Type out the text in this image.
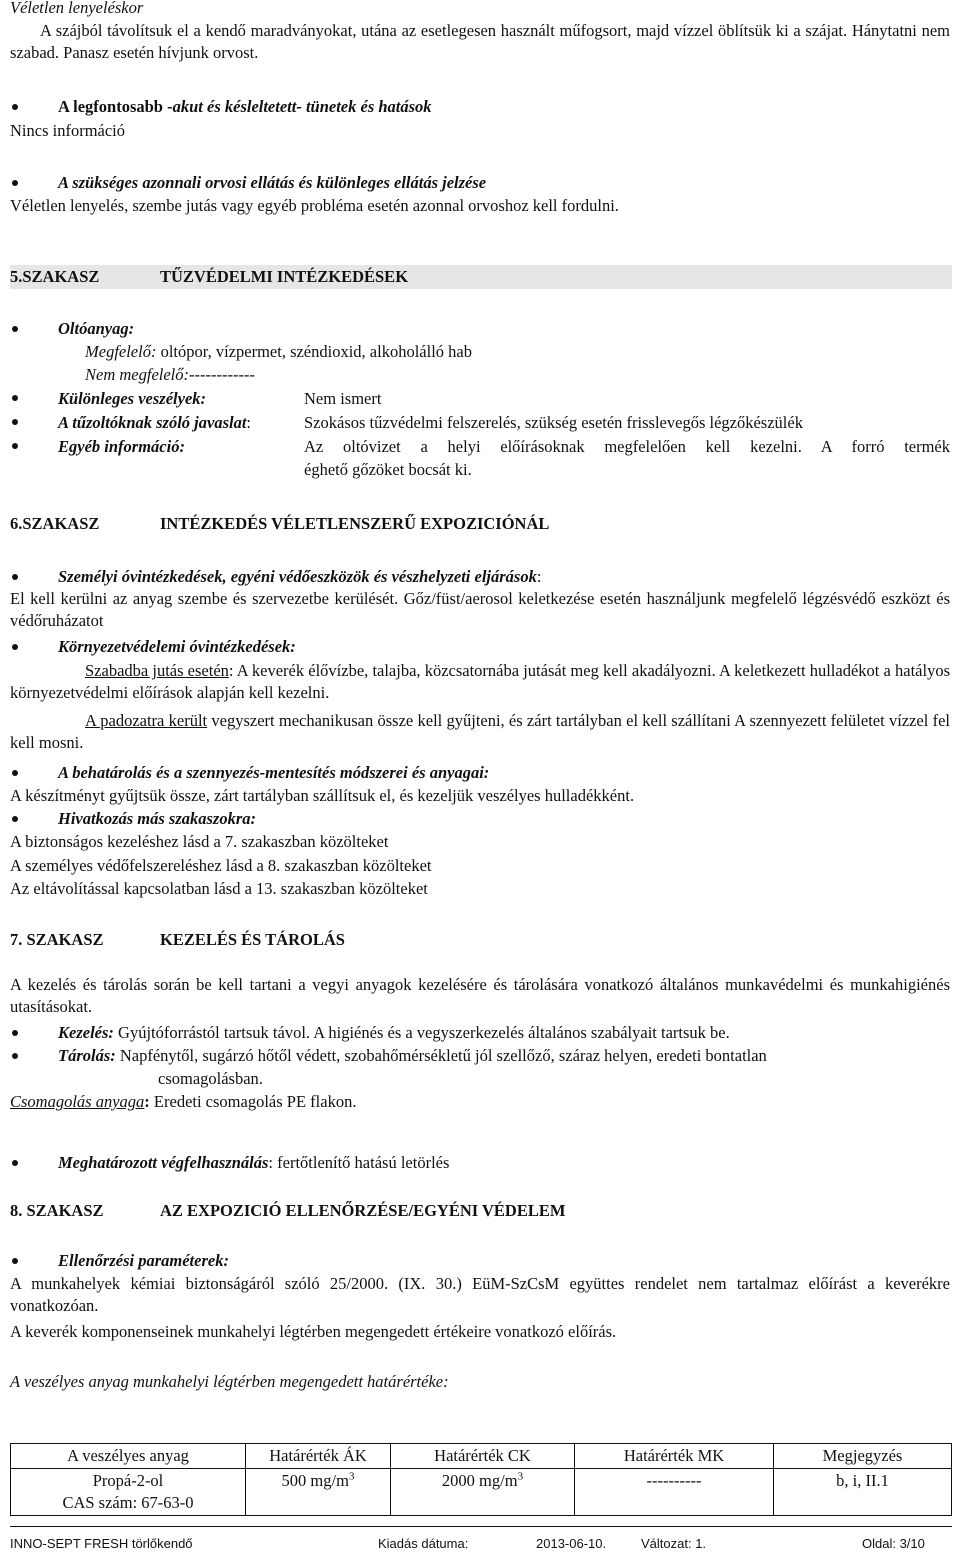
Véletlen lenyeléskor
A szájból távolítsuk el a kendő maradványokat, utána az esetlegesen használt műfogsort, majd vízzel öblítsük ki a szájat. Hánytatni nem szabad. Panasz esetén hívjunk orvost.
A legfontosabb -akut és késleltetett- tünetek és hatások
Nincs információ
A szükséges azonnali orvosi ellátás és különleges ellátás jelzése
Véletlen lenyelés, szembe jutás vagy egyéb probléma esetén azonnal orvoshoz kell fordulni.
5.SZAKASZ	TŰZVÉDELMI INTÉZKEDÉSEK
Oltóanyag:
Megfelelő: oltópor, vízpermet, széndioxid, alkoholálló hab
Nem megfelelő:------------
Különleges veszélyek:	Nem ismert
A tűzoltóknak szóló javaslat:	Szokásos tűzvédelmi felszerelés, szükség esetén frisslevegős légzőkészülék
Egyéb információ:	Az oltóvizet a helyi előírásoknak megfelelően kell kezelni. A forró termék
éghető gőzöket bocsát ki.
6.SZAKASZ	INTÉZKEDÉS VÉLETLENSZERŰ EXPOZICIÓNÁL
Személyi óvintézkedések, egyéni védőeszközök és vészhelyzeti eljárások:
El kell kerülni az anyag szembe és szervezetbe kerülését. Gőz/füst/aerosol keletkezése esetén használjunk megfelelő légzésvédő eszközt és védőruházatot
Környezetvédelemi óvintézkedések:
Szabadba jutás esetén: A keverék élővízbe, talajba, közcsatornába jutását meg kell akadályozni. A keletkezett hulladékot a hatályos környezetvédelmi előírások alapján kell kezelni.
A padozatra került vegyszert mechanikusan össze kell gyűjteni, és zárt tartályban el kell szállítani A szennyezett felületet vízzel fel kell mosni.
A behatárolás és a szennyezés-mentesítés módszerei és anyagai:
A készítményt gyűjtsük össze, zárt tartályban szállítsuk el, és kezeljük veszélyes hulladékként.
Hivatkozás más szakaszokra:
A biztonságos kezeléshez lásd a 7. szakaszban közölteket
A személyes védőfelszereléshez lásd a 8. szakaszban közölteket
Az eltávolítással kapcsolatban lásd a 13. szakaszban közölteket
7. SZAKASZ	KEZELÉS ÉS TÁROLÁS
A kezelés és tárolás során be kell tartani a vegyi anyagok kezelésére és tárolására vonatkozó általános munkavédelmi és munkahigiénés utasításokat.
Kezelés: Gyújtóforrástól tartsuk távol. A higiénés és a vegyszerkezelés általános szabályait tartsuk be.
Tárolás: Napfénytől, sugárzó hőtől védett, szobahőmérsékletű jól szellőző, száraz helyen, eredeti bontatlan
csomagolásban.
Csomagolás anyaga: Eredeti csomagolás PE flakon.
Meghatározott végfelhasználás: fertőtlenítő hatású letörlés
8. SZAKASZ	AZ EXPOZICIÓ ELLENŐRZÉSE/EGYÉNI VÉDELEM
Ellenőrzési paraméterek:
A munkahelyek kémiai biztonságáról szóló 25/2000. (IX. 30.) EüM-SzCsM együttes rendelet nem tartalmaz előírást a keverékre vonatkozóan.
A keverék komponenseinek munkahelyi légtérben megengedett értékeire vonatkozó előírás.
A veszélyes anyag munkahelyi légtérben megengedett határértéke:
A veszélyes anyag	Határérték ÁK	Határérték CK	Határérték MK	Megjegyzés

Propá-2-ol
CAS szám: 67-63-0	500 $mg/m^3$	2000 $mg/m^3$	----------	b, i, II.1
INNO-SEPT FRESH törlőkendő	Kiadás dátuma:	2013-06-10.	Változat: 1.	Oldal: 3/10
